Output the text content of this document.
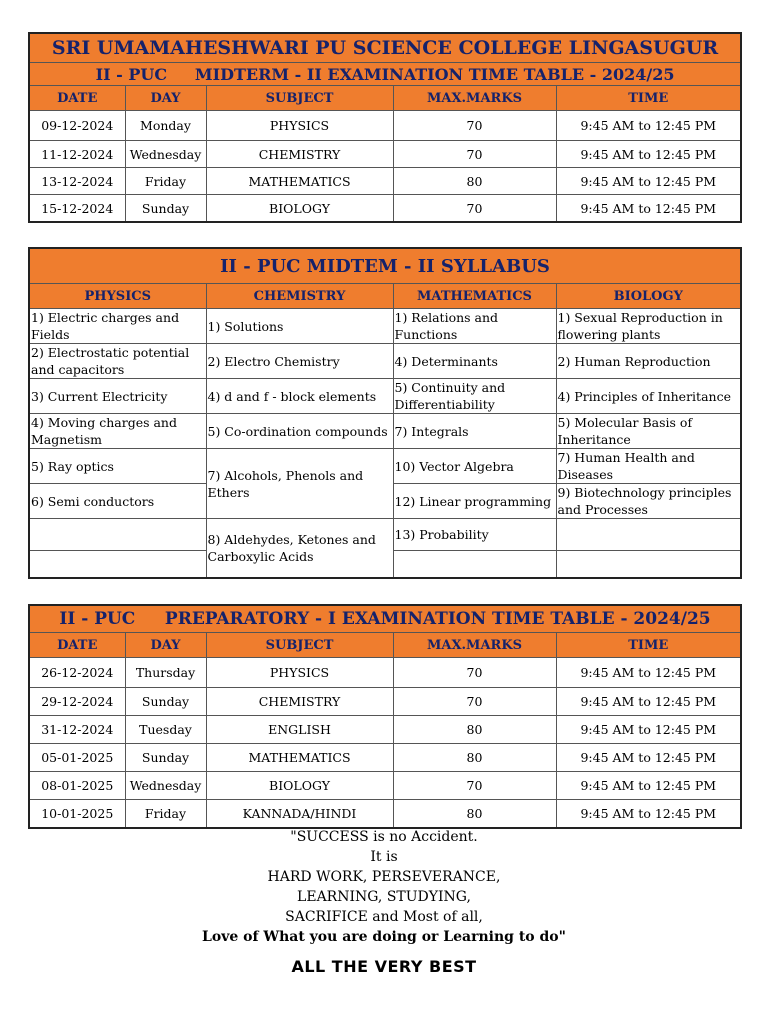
SRI UMAMAHESHWARI PU SCIENCE COLLEGE LINGASUGUR				
II - PUC     MIDTERM - II EXAMINATION TIME TABLE - 2024/25				
DATE	DAY	SUBJECT	MAX.MARKS	TIME
09-12-2024	Monday	PHYSICS	70	9:45 AM to 12:45 PM
11-12-2024	Wednesday	CHEMISTRY	70	9:45 AM to 12:45 PM
13-12-2024	Friday	MATHEMATICS	80	9:45 AM to 12:45 PM
15-12-2024	Sunday	BIOLOGY	70	9:45 AM to 12:45 PM
II - PUC MIDTEM - II SYLLABUS			
PHYSICS	CHEMISTRY	MATHEMATICS	BIOLOGY
1) Electric charges and Fields	1) Solutions	1) Relations and Functions	1) Sexual Reproduction in flowering plants
2) Electrostatic potential and capacitors	2) Electro Chemistry	4) Determinants	2) Human Reproduction
3) Current Electricity	4) d and f - block elements	5) Continuity and Differentiability	4) Principles of Inheritance
4) Moving charges and Magnetism	5) Co-ordination compounds	7) Integrals	5) Molecular Basis of Inheritance
5) Ray optics	7) Alcohols, Phenols and Ethers	10) Vector Algebra	7) Human Health and Diseases
6) Semi conductors		12) Linear programming	9) Biotechnology principles and Processes
	8) Aldehydes, Ketones and Carboxylic Acids	13) Probability	

II - PUC     PREPARATORY - I EXAMINATION TIME TABLE - 2024/25				
DATE	DAY	SUBJECT	MAX.MARKS	TIME
26-12-2024	Thursday	PHYSICS	70	9:45 AM to 12:45 PM
29-12-2024	Sunday	CHEMISTRY	70	9:45 AM to 12:45 PM
31-12-2024	Tuesday	ENGLISH	80	9:45 AM to 12:45 PM
05-01-2025	Sunday	MATHEMATICS	80	9:45 AM to 12:45 PM
08-01-2025	Wednesday	BIOLOGY	70	9:45 AM to 12:45 PM
10-01-2025	Friday	KANNADA/HINDI	80	9:45 AM to 12:45 PM
"SUCCESS is no Accident.
It is
HARD WORK, PERSEVERANCE,
LEARNING, STUDYING,
SACRIFICE and Most of all,
Love of What you are doing or Learning to do"
ALL THE VERY BEST
